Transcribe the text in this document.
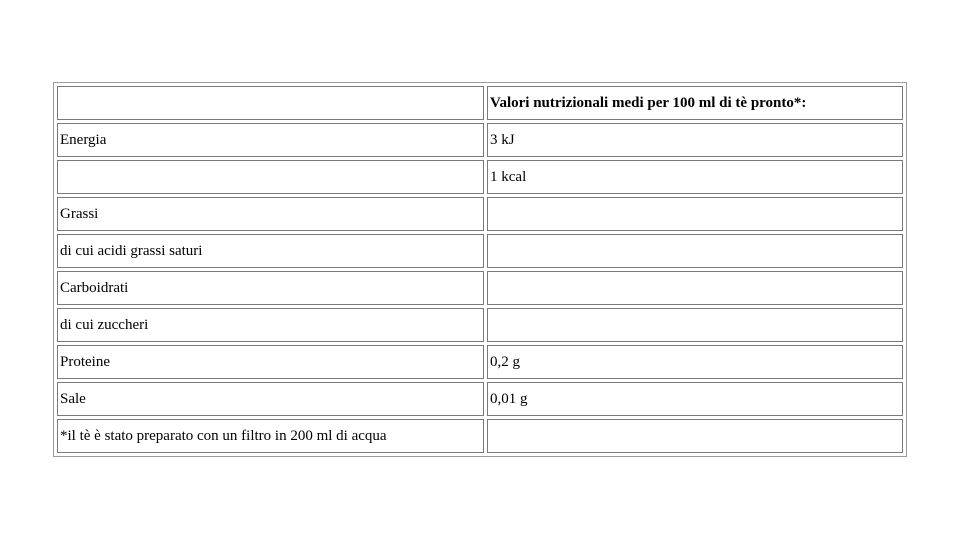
	Valori nutrizionali medi per 100 ml di tè pronto*:
Energia	3 kJ
	1 kcal
Grassi	
di cui acidi grassi saturi	
Carboidrati	
di cui zuccheri	
Proteine	0,2 g
Sale	0,01 g
*il tè è stato preparato con un filtro in 200 ml di acqua	
